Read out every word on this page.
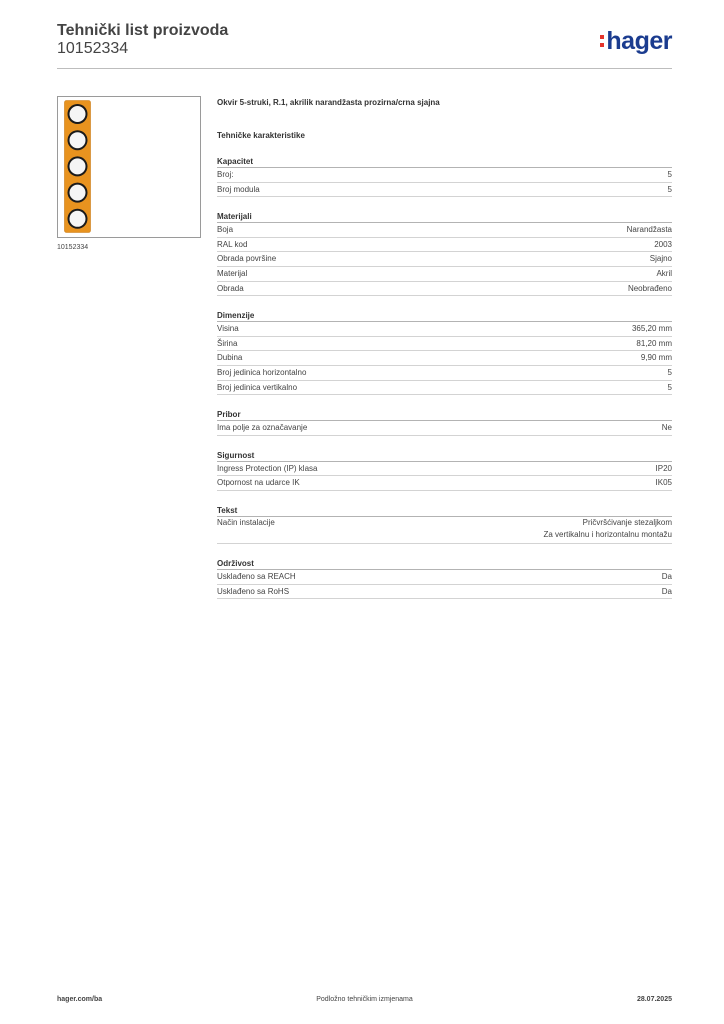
Tehnički list proizvoda
10152334	hager
10152334
Okvir 5-struki, R.1, akrilik narandžasta prozirna/crna sjajna
Tehničke karakteristike
Kapacitet
Broj:	5
Broj modula	5
Materijali
Boja	Narandžasta
RAL kod	2003
Obrada površine	Sjajno
Materijal	Akril
Obrada	Neobrađeno
Dimenzije
Visina	365,20 mm
Širina	81,20 mm
Dubina	9,90 mm
Broj jedinica horizontalno	5
Broj jedinica vertikalno	5
Pribor
Ima polje za označavanje	Ne
Sigurnost
Ingress Protection (IP) klasa	IP20
Otpornost na udarce IK	IK05
Tekst
Način instalacije	Pričvršćivanje stezaljkom
Za vertikalnu i horizontalnu montažu
Održivost
Usklađeno sa REACH	Da
Usklađeno sa RoHS	Da
hager.com/ba	Podložno tehničkim izmjenama	28.07.2025
